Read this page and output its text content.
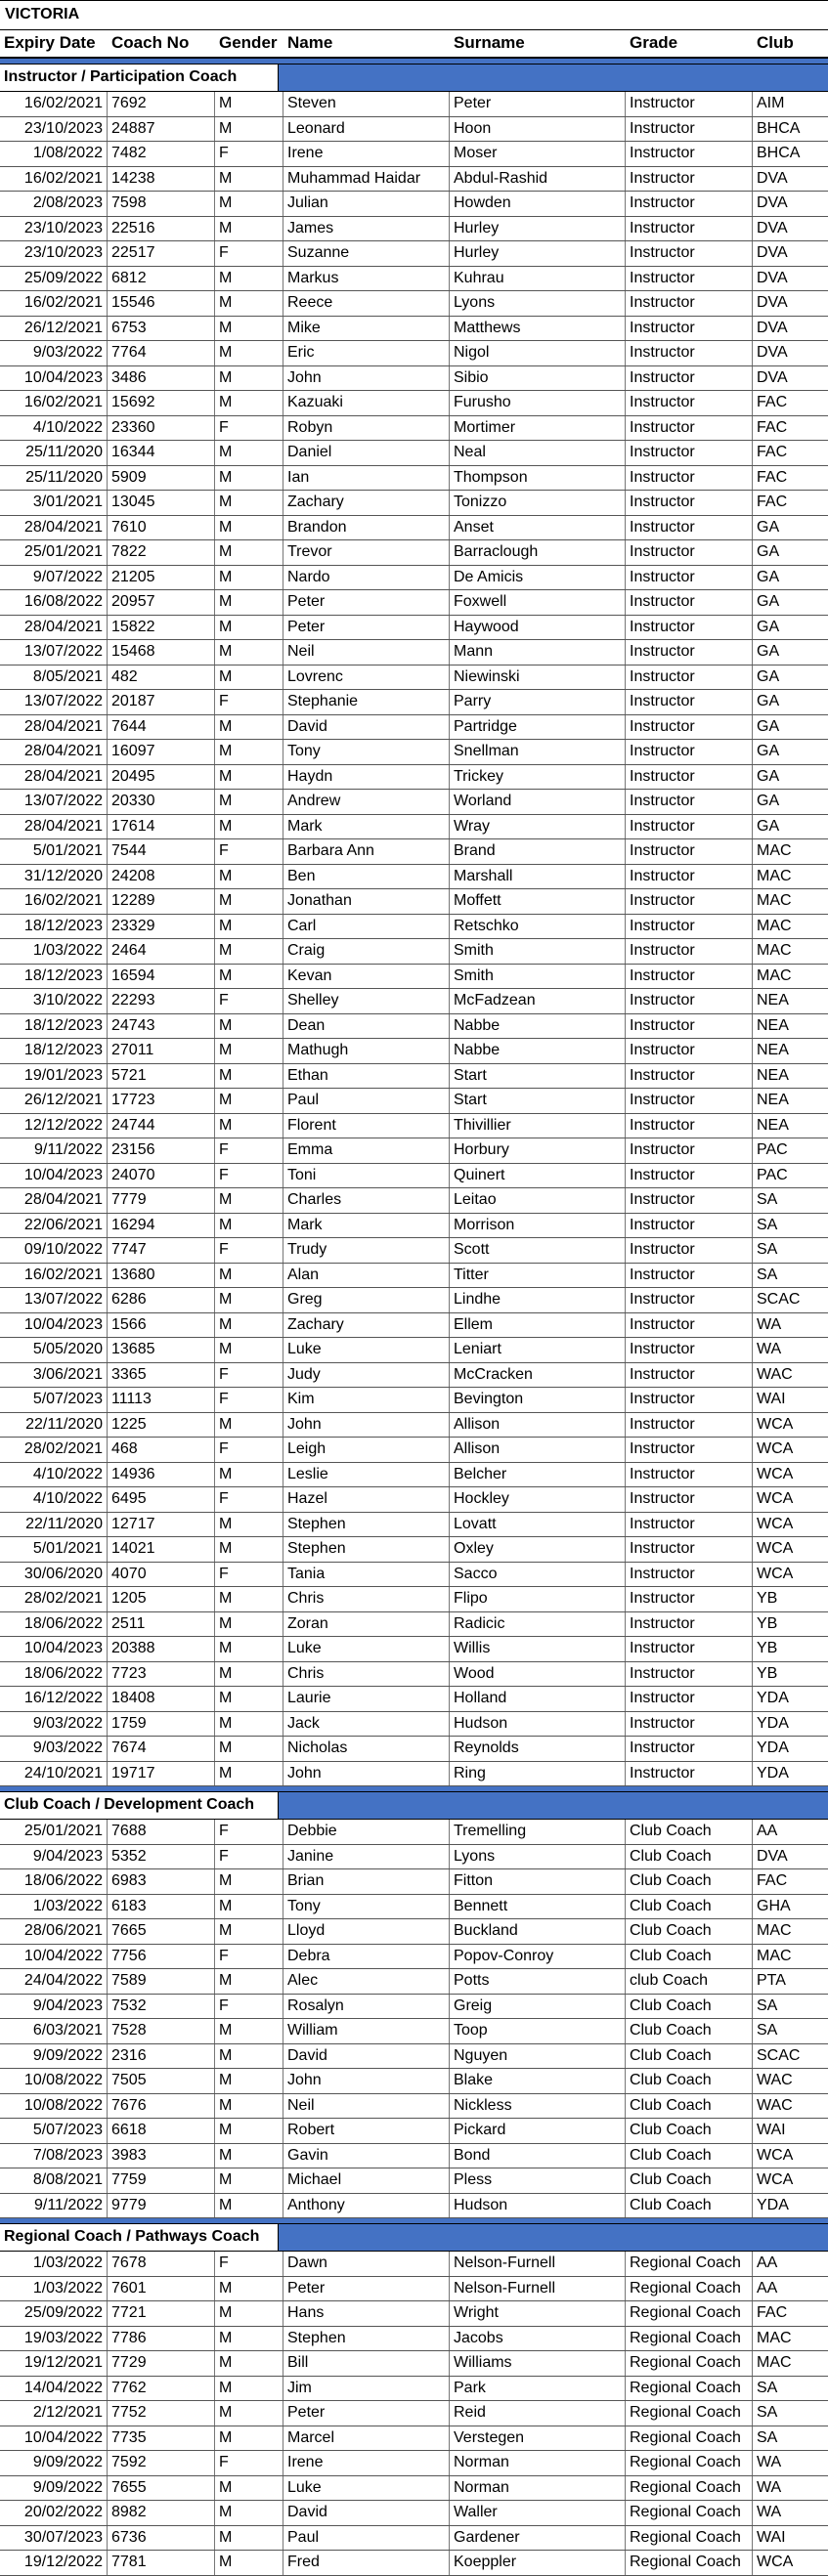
VICTORIA
Expiry Date Coach No	Gender Name	Surname	Grade	Club
Instructor / Participation Coach
16/02/2021 7692	M	Steven	Peter	Instructor	AIM
23/10/2023 24887	M	Leonard	Hoon	Instructor	BHCA
1/08/2022 7482	F	Irene	Moser	Instructor	BHCA
16/02/2021 14238	M	Muhammad Haidar	Abdul-Rashid	Instructor	DVA
2/08/2023 7598	M	Julian	Howden	Instructor	DVA
23/10/2023 22516	M	James	Hurley	Instructor	DVA
23/10/2023 22517	F	Suzanne	Hurley	Instructor	DVA
25/09/2022 6812	M	Markus	Kuhrau	Instructor	DVA
16/02/2021 15546	M	Reece	Lyons	Instructor	DVA
26/12/2021 6753	M	Mike	Matthews	Instructor	DVA
9/03/2022 7764	M	Eric	Nigol	Instructor	DVA
10/04/2023 3486	M	John	Sibio	Instructor	DVA
16/02/2021 15692	M	Kazuaki	Furusho	Instructor	FAC
4/10/2022 23360	F	Robyn	Mortimer	Instructor	FAC
25/11/2020 16344	M	Daniel	Neal	Instructor	FAC
25/11/2020 5909	M	Ian	Thompson	Instructor	FAC
3/01/2021 13045	M	Zachary	Tonizzo	Instructor	FAC
28/04/2021 7610	M	Brandon	Anset	Instructor	GA
25/01/2021 7822	M	Trevor	Barraclough	Instructor	GA
9/07/2022 21205	M	Nardo	De Amicis	Instructor	GA
16/08/2022 20957	M	Peter	Foxwell	Instructor	GA
28/04/2021 15822	M	Peter	Haywood	Instructor	GA
13/07/2022 15468	M	Neil	Mann	Instructor	GA
8/05/2021 482	M	Lovrenc	Niewinski	Instructor	GA
13/07/2022 20187	F	Stephanie	Parry	Instructor	GA
28/04/2021 7644	M	David	Partridge	Instructor	GA
28/04/2021 16097	M	Tony	Snellman	Instructor	GA
28/04/2021 20495	M	Haydn	Trickey	Instructor	GA
13/07/2022 20330	M	Andrew	Worland	Instructor	GA
28/04/2021 17614	M	Mark	Wray	Instructor	GA
5/01/2021 7544	F	Barbara Ann	Brand	Instructor	MAC
31/12/2020 24208	M	Ben	Marshall	Instructor	MAC
16/02/2021 12289	M	Jonathan	Moffett	Instructor	MAC
18/12/2023 23329	M	Carl	Retschko	Instructor	MAC
1/03/2022 2464	M	Craig	Smith	Instructor	MAC
18/12/2023 16594	M	Kevan	Smith	Instructor	MAC
3/10/2022 22293	F	Shelley	McFadzean	Instructor	NEA
18/12/2023 24743	M	Dean	Nabbe	Instructor	NEA
18/12/2023 27011	M	Mathugh	Nabbe	Instructor	NEA
19/01/2023 5721	M	Ethan	Start	Instructor	NEA
26/12/2021 17723	M	Paul	Start	Instructor	NEA
12/12/2022 24744	M	Florent	Thivillier	Instructor	NEA
9/11/2022 23156	F	Emma	Horbury	Instructor	PAC
10/04/2023 24070	F	Toni	Quinert	Instructor	PAC
28/04/2021 7779	M	Charles	Leitao	Instructor	SA
22/06/2021 16294	M	Mark	Morrison	Instructor	SA
09/10/2022 7747	F	Trudy	Scott	Instructor	SA
16/02/2021 13680	M	Alan	Titter	Instructor	SA
13/07/2022 6286	M	Greg	Lindhe	Instructor	SCAC
10/04/2023 1566	M	Zachary	Ellem	Instructor	WA
5/05/2020 13685	M	Luke	Leniart	Instructor	WA
3/06/2021 3365	F	Judy	McCracken	Instructor	WAC
5/07/2023 11113	F	Kim	Bevington	Instructor	WAI
22/11/2020 1225	M	John	Allison	Instructor	WCA
28/02/2021 468	F	Leigh	Allison	Instructor	WCA
4/10/2022 14936	M	Leslie	Belcher	Instructor	WCA
4/10/2022 6495	F	Hazel	Hockley	Instructor	WCA
22/11/2020 12717	M	Stephen	Lovatt	Instructor	WCA
5/01/2021 14021	M	Stephen	Oxley	Instructor	WCA
30/06/2020 4070	F	Tania	Sacco	Instructor	WCA
28/02/2021 1205	M	Chris	Flipo	Instructor	YB
18/06/2022 2511	M	Zoran	Radicic	Instructor	YB
10/04/2023 20388	M	Luke	Willis	Instructor	YB
18/06/2022 7723	M	Chris	Wood	Instructor	YB
16/12/2022 18408	M	Laurie	Holland	Instructor	YDA
9/03/2022 1759	M	Jack	Hudson	Instructor	YDA
9/03/2022 7674	M	Nicholas	Reynolds	Instructor	YDA
24/10/2021 19717	M	John	Ring	Instructor	YDA
Club Coach / Development Coach
25/01/2021 7688	F	Debbie	Tremelling	Club Coach	AA
9/04/2023 5352	F	Janine	Lyons	Club Coach	DVA
18/06/2022 6983	M	Brian	Fitton	Club Coach	FAC
1/03/2022 6183	M	Tony	Bennett	Club Coach	GHA
28/06/2021 7665	M	Lloyd	Buckland	Club Coach	MAC
10/04/2022 7756	F	Debra	Popov-Conroy	Club Coach	MAC
24/04/2022 7589	M	Alec	Potts	club Coach	PTA
9/04/2023 7532	F	Rosalyn	Greig	Club Coach	SA
6/03/2021 7528	M	William	Toop	Club Coach	SA
9/09/2022 2316	M	David	Nguyen	Club Coach	SCAC
10/08/2022 7505	M	John	Blake	Club Coach	WAC
10/08/2022 7676	M	Neil	Nickless	Club Coach	WAC
5/07/2023 6618	M	Robert	Pickard	Club Coach	WAI
7/08/2023 3983	M	Gavin	Bond	Club Coach	WCA
8/08/2021 7759	M	Michael	Pless	Club Coach	WCA
9/11/2022 9779	M	Anthony	Hudson	Club Coach	YDA
Regional Coach / Pathways Coach
1/03/2022 7678	F	Dawn	Nelson-Furnell	Regional Coach	AA
1/03/2022 7601	M	Peter	Nelson-Furnell	Regional Coach	AA
25/09/2022 7721	M	Hans	Wright	Regional Coach	FAC
19/03/2022 7786	M	Stephen	Jacobs	Regional Coach	MAC
19/12/2021 7729	M	Bill	Williams	Regional Coach	MAC
14/04/2022 7762	M	Jim	Park	Regional Coach	SA
2/12/2021 7752	M	Peter	Reid	Regional Coach	SA
10/04/2022 7735	M	Marcel	Verstegen	Regional Coach	SA
9/09/2022 7592	F	Irene	Norman	Regional Coach	WA
9/09/2022 7655	M	Luke	Norman	Regional Coach	WA
20/02/2022 8982	M	David	Waller	Regional Coach	WA
30/07/2023 6736	M	Paul	Gardener	Regional Coach	WAI
19/12/2022 7781	M	Fred	Koeppler	Regional Coach	WCA
